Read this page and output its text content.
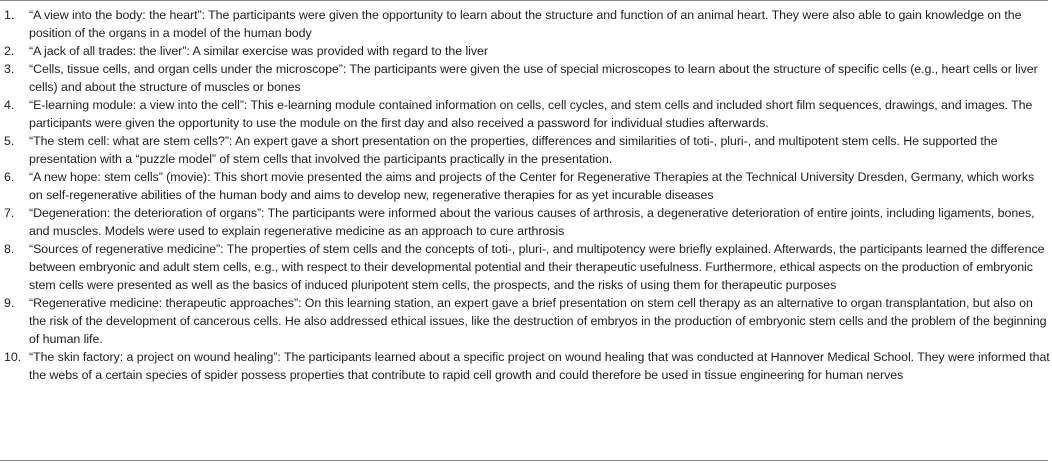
1.	“A view into the body: the heart”: The participants were given the opportunity to learn about the structure and function of an animal heart. They were also able to gain knowledge on the position of the organs in a model of the human body
2.	“A jack of all trades: the liver”: A similar exercise was provided with regard to the liver
3.	“Cells, tissue cells, and organ cells under the microscope”: The participants were given the use of special microscopes to learn about the structure of specific cells (e.g., heart cells or liver cells) and about the structure of muscles or bones
4.	“E-learning module: a view into the cell”: This e-learning module contained information on cells, cell cycles, and stem cells and included short film sequences, drawings, and images. The participants were given the opportunity to use the module on the first day and also received a password for individual studies afterwards.
5.	“The stem cell: what are stem cells?”: An expert gave a short presentation on the properties, differences and similarities of toti-, pluri-, and multipotent stem cells. He supported the presentation with a “puzzle model” of stem cells that involved the participants practically in the presentation.
6.	“A new hope: stem cells” (movie): This short movie presented the aims and projects of the Center for Regenerative Therapies at the Technical University Dresden, Germany, which works on self-regenerative abilities of the human body and aims to develop new, regenerative therapies for as yet incurable diseases
7.	“Degeneration: the deterioration of organs”: The participants were informed about the various causes of arthrosis, a degenerative deterioration of entire joints, including ligaments, bones, and muscles. Models were used to explain regenerative medicine as an approach to cure arthrosis
8.	“Sources of regenerative medicine”: The properties of stem cells and the concepts of toti-, pluri-, and multipotency were briefly explained. Afterwards, the participants learned the difference between embryonic and adult stem cells, e.g., with respect to their developmental potential and their therapeutic usefulness. Furthermore, ethical aspects on the production of embryonic stem cells were presented as well as the basics of induced pluripotent stem cells, the prospects, and the risks of using them for therapeutic purposes
9.	“Regenerative medicine: therapeutic approaches”: On this learning station, an expert gave a brief presentation on stem cell therapy as an alternative to organ transplantation, but also on the risk of the development of cancerous cells. He also addressed ethical issues, like the destruction of embryos in the production of embryonic stem cells and the problem of the beginning of human life.
10. “The skin factory: a project on wound healing”: The participants learned about a specific project on wound healing that was conducted at Hannover Medical School. They were informed that the webs of a certain species of spider possess properties that contribute to rapid cell growth and could therefore be used in tissue engineering for human nerves
